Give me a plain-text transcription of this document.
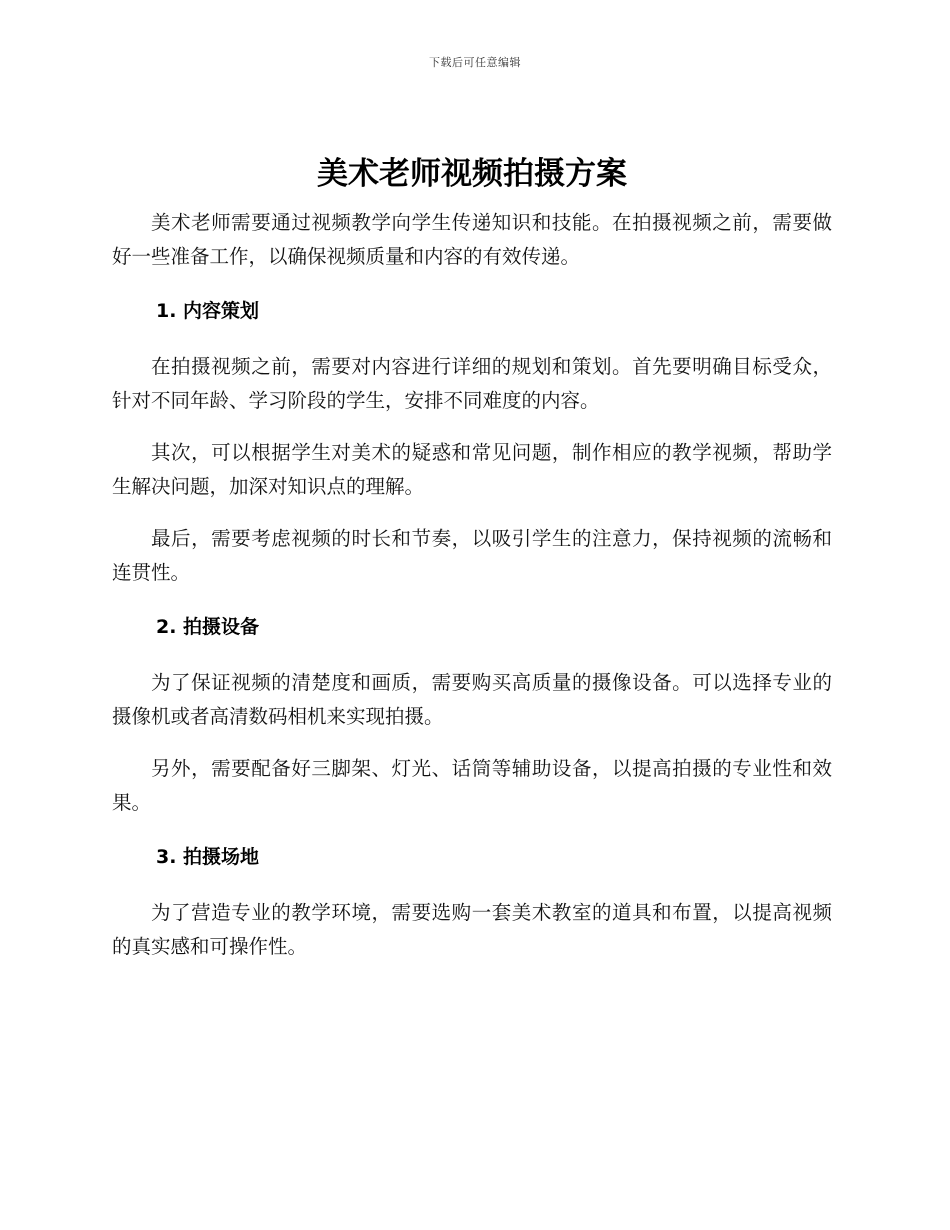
下载后可任意编辑
美术老师视频拍摄方案

美术老师需要通过视频教学向学生传递知识和技能。在拍摄视频之前，需要做好一些准备工作，以确保视频质量和内容的有效传递。

1. 内容策划

在拍摄视频之前，需要对内容进行详细的规划和策划。首先要明确目标受众，针对不同年龄、学习阶段的学生，安排不同难度的内容。

其次，可以根据学生对美术的疑惑和常见问题，制作相应的教学视频，帮助学生解决问题，加深对知识点的理解。

最后，需要考虑视频的时长和节奏，以吸引学生的注意力，保持视频的流畅和连贯性。

2. 拍摄设备

为了保证视频的清楚度和画质，需要购买高质量的摄像设备。可以选择专业的摄像机或者高清数码相机来实现拍摄。

另外，需要配备好三脚架、灯光、话筒等辅助设备，以提高拍摄的专业性和效果。

3. 拍摄场地

为了营造专业的教学环境，需要选购一套美术教室的道具和布置，以提高视频的真实感和可操作性。
